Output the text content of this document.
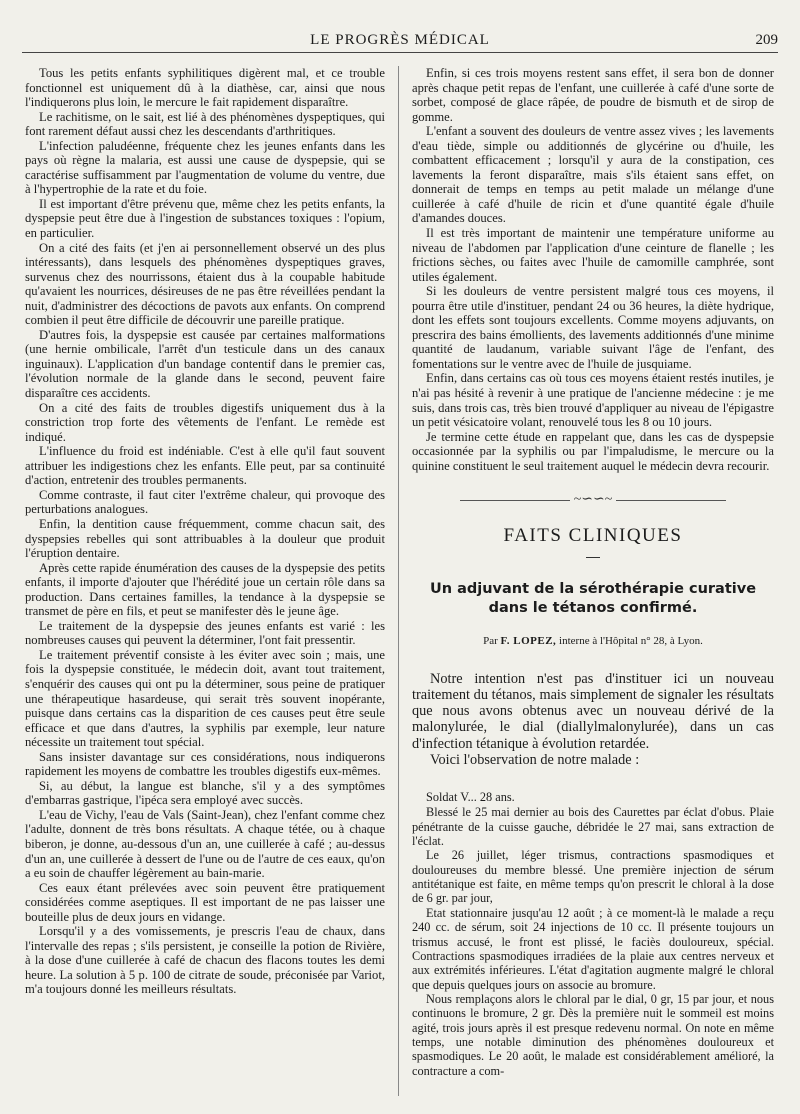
LE PROGRÈS MÉDICAL	209

Tous les petits enfants syphilitiques digèrent mal, et ce trouble fonctionnel est uniquement dû à la diathèse, car, ainsi que nous l'indiquerons plus loin, le mercure le fait rapidement disparaître.

Le rachitisme, on le sait, est lié à des phénomènes dyspeptiques, qui font rarement défaut aussi chez les descendants d'arthritiques.

L'infection paludéenne, fréquente chez les jeunes enfants dans les pays où règne la malaria, est aussi une cause de dyspepsie, qui se caractérise suffisamment par l'augmentation de volume du ventre, due à l'hypertrophie de la rate et du foie.

Il est important d'être prévenu que, même chez les petits enfants, la dyspepsie peut être due à l'ingestion de substances toxiques : l'opium, en particulier.

On a cité des faits (et j'en ai personnellement observé un des plus intéressants), dans lesquels des phénomènes dyspeptiques graves, survenus chez des nourrissons, étaient dus à la coupable habitude qu'avaient les nourrices, désireuses de ne pas être réveillées pendant la nuit, d'administrer des décoctions de pavots aux enfants. On comprend combien il peut être difficile de découvrir une pareille pratique.

D'autres fois, la dyspepsie est causée par certaines malformations (une hernie ombilicale, l'arrêt d'un testicule dans un des canaux inguinaux). L'application d'un bandage contentif dans le premier cas, l'évolution normale de la glande dans le second, peuvent faire disparaître ces accidents.

On a cité des faits de troubles digestifs uniquement dus à la constriction trop forte des vêtements de l'enfant. Le remède est indiqué.

L'influence du froid est indéniable. C'est à elle qu'il faut souvent attribuer les indigestions chez les enfants. Elle peut, par sa continuité d'action, entretenir des troubles permanents.

Comme contraste, il faut citer l'extrême chaleur, qui provoque des perturbations analogues.

Enfin, la dentition cause fréquemment, comme chacun sait, des dyspepsies rebelles qui sont attribuables à la douleur que produit l'éruption dentaire.

Après cette rapide énumération des causes de la dyspepsie des petits enfants, il importe d'ajouter que l'hérédité joue un certain rôle dans sa production. Dans certaines familles, la tendance à la dyspepsie se transmet de père en fils, et peut se manifester dès le jeune âge.

Le traitement de la dyspepsie des jeunes enfants est varié : les nombreuses causes qui peuvent la déterminer, l'ont fait pressentir.

Le traitement préventif consiste à les éviter avec soin ; mais, une fois la dyspepsie constituée, le médecin doit, avant tout traitement, s'enquérir des causes qui ont pu la déterminer, sous peine de pratiquer une thérapeutique hasardeuse, qui serait très souvent inopérante, puisque dans certains cas la disparition de ces causes peut être seule efficace et que dans d'autres, la syphilis par exemple, leur nature nécessite un traitement tout spécial.

Sans insister davantage sur ces considérations, nous indiquerons rapidement les moyens de combattre les troubles digestifs eux-mêmes.

Si, au début, la langue est blanche, s'il y a des symptômes d'embarras gastrique, l'ipéca sera employé avec succès.

L'eau de Vichy, l'eau de Vals (Saint-Jean), chez l'enfant comme chez l'adulte, donnent de très bons résultats. A chaque tétée, ou à chaque biberon, je donne, au-dessous d'un an, une cuillerée à café ; au-dessus d'un an, une cuillerée à dessert de l'une ou de l'autre de ces eaux, qu'on a eu soin de chauffer légèrement au bain-marie.

Ces eaux étant prélevées avec soin peuvent être pratiquement considérées comme aseptiques. Il est important de ne pas laisser une bouteille plus de deux jours en vidange.

Lorsqu'il y a des vomissements, je prescris l'eau de chaux, dans l'intervalle des repas ; s'ils persistent, je conseille la potion de Rivière, à la dose d'une cuillerée à café de chacun des flacons toutes les demi heure. La solution à 5 p. 100 de citrate de soude, préconisée par Variot, m'a toujours donné les meilleurs résultats.

Enfin, si ces trois moyens restent sans effet, il sera bon de donner après chaque petit repas de l'enfant, une cuillerée à café d'une sorte de sorbet, composé de glace râpée, de poudre de bismuth et de sirop de gomme.

L'enfant a souvent des douleurs de ventre assez vives ; les lavements d'eau tiède, simple ou additionnés de glycérine ou d'huile, les combattent efficacement ; lorsqu'il y aura de la constipation, ces lavements la feront disparaître, mais s'ils étaient sans effet, on donnerait de temps en temps au petit malade un mélange d'une cuillerée à café d'huile de ricin et d'une quantité égale d'huile d'amandes douces.

Il est très important de maintenir une température uniforme au niveau de l'abdomen par l'application d'une ceinture de flanelle ; les frictions sèches, ou faites avec l'huile de camomille camphrée, sont utiles également.

Si les douleurs de ventre persistent malgré tous ces moyens, il pourra être utile d'instituer, pendant 24 ou 36 heures, la diète hydrique, dont les effets sont toujours excellents. Comme moyens adjuvants, on prescrira des bains émollients, des lavements additionnés d'une minime quantité de laudanum, variable suivant l'âge de l'enfant, des fomentations sur le ventre avec de l'huile de jusquiame.

Enfin, dans certains cas où tous ces moyens étaient restés inutiles, je n'ai pas hésité à revenir à une pratique de l'ancienne médecine : je me suis, dans trois cas, très bien trouvé d'appliquer au niveau de l'épigastre un petit vésicatoire volant, renouvelé tous les 8 ou 10 jours.

Je termine cette étude en rappelant que, dans les cas de dyspepsie occasionnée par la syphilis ou par l'impaludisme, le mercure ou la quinine constituent le seul traitement auquel le médecin devra recourir.

~∽∽~
FAITS CLINIQUES
Un adjuvant de la sérothérapie curative dans le tétanos confirmé.
Par F. LOPEZ, interne à l'Hôpital n° 28, à Lyon.

Notre intention n'est pas d'instituer ici un nouveau traitement du tétanos, mais simplement de signaler les résultats que nous avons obtenus avec un nouveau dérivé de la malonylurée, le dial (diallylmalonylurée), dans un cas d'infection tétanique à évolution retardée.

Voici l'observation de notre malade :

Soldat V... 28 ans.

Blessé le 25 mai dernier au bois des Caurettes par éclat d'obus. Plaie pénétrante de la cuisse gauche, débridée le 27 mai, sans extraction de l'éclat.

Le 26 juillet, léger trismus, contractions spasmodiques et douloureuses du membre blessé. Une première injection de sérum antitétanique est faite, en même temps qu'on prescrit le chloral à la dose de 6 gr. par jour,

Etat stationnaire jusqu'au 12 août ; à ce moment-là le malade a reçu 240 cc. de sérum, soit 24 injections de 10 cc. Il présente toujours un trismus accusé, le front est plissé, le faciès douloureux, spécial. Contractions spasmodiques irradiées de la plaie aux centres nerveux et aux extrémités inférieures. L'état d'agitation augmente malgré le chloral que depuis quelques jours on associe au bromure.

Nous remplaçons alors le chloral par le dial, 0 gr, 15 par jour, et nous continuons le bromure, 2 gr. Dès la première nuit le sommeil est moins agité, trois jours après il est presque redevenu normal. On note en même temps, une notable diminution des phénomènes douloureux et spasmodiques. Le 20 août, le malade est considérablement amélioré, la contracture a com-
